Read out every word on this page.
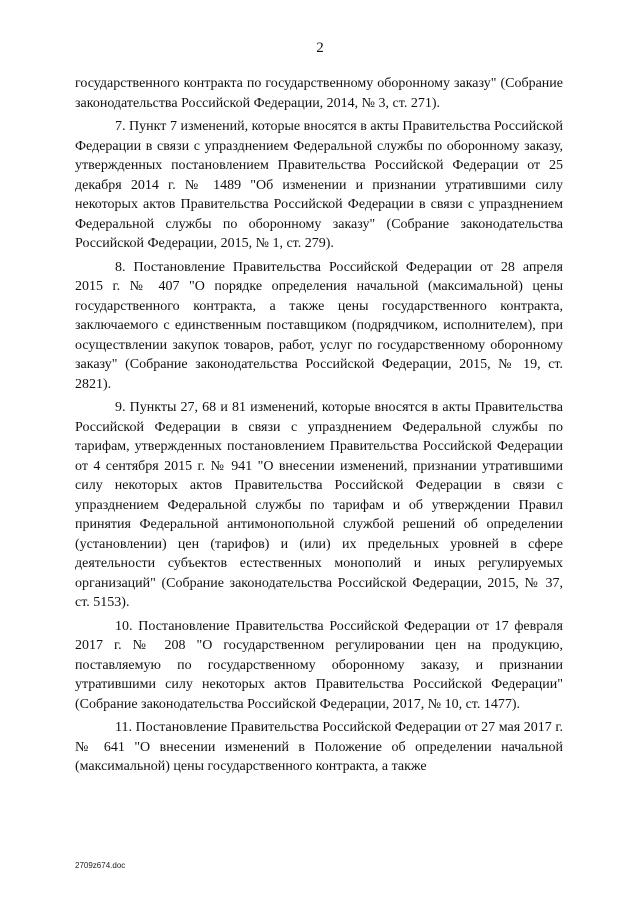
2

государственного контракта по государственному оборонному заказу" (Собрание законодательства Российской Федерации, 2014, № 3, ст. 271).

7. Пункт 7 изменений, которые вносятся в акты Правительства Российской Федерации в связи с упразднением Федеральной службы по оборонному заказу, утвержденных постановлением Правительства Российской Федерации от 25 декабря 2014 г. № 1489 "Об изменении и признании утратившими силу некоторых актов Правительства Российской Федерации в связи с упразднением Федеральной службы по оборонному заказу" (Собрание законодательства Российской Федерации, 2015, № 1, ст. 279).

8. Постановление Правительства Российской Федерации от 28 апреля 2015 г. № 407 "О порядке определения начальной (максимальной) цены государственного контракта, а также цены государственного контракта, заключаемого с единственным поставщиком (подрядчиком, исполнителем), при осуществлении закупок товаров, работ, услуг по государственному оборонному заказу" (Собрание законодательства Российской Федерации, 2015, № 19, ст. 2821).

9. Пункты 27, 68 и 81 изменений, которые вносятся в акты Правительства Российской Федерации в связи с упразднением Федеральной службы по тарифам, утвержденных постановлением Правительства Российской Федерации от 4 сентября 2015 г. № 941 "О внесении изменений, признании утратившими силу некоторых актов Правительства Российской Федерации в связи с упразднением Федеральной службы по тарифам и об утверждении Правил принятия Федеральной антимонопольной службой решений об определении (установлении) цен (тарифов) и (или) их предельных уровней в сфере деятельности субъектов естественных монополий и иных регулируемых организаций" (Собрание законодательства Российской Федерации, 2015, № 37, ст. 5153).

10. Постановление Правительства Российской Федерации от 17 февраля 2017 г. № 208 "О государственном регулировании цен на продукцию, поставляемую по государственному оборонному заказу, и признании утратившими силу некоторых актов Правительства Российской Федерации" (Собрание законодательства Российской Федерации, 2017, № 10, ст. 1477).

11. Постановление Правительства Российской Федерации от 27 мая 2017 г. № 641 "О внесении изменений в Положение об определении начальной (максимальной) цены государственного контракта, а также

2709z674.doc
